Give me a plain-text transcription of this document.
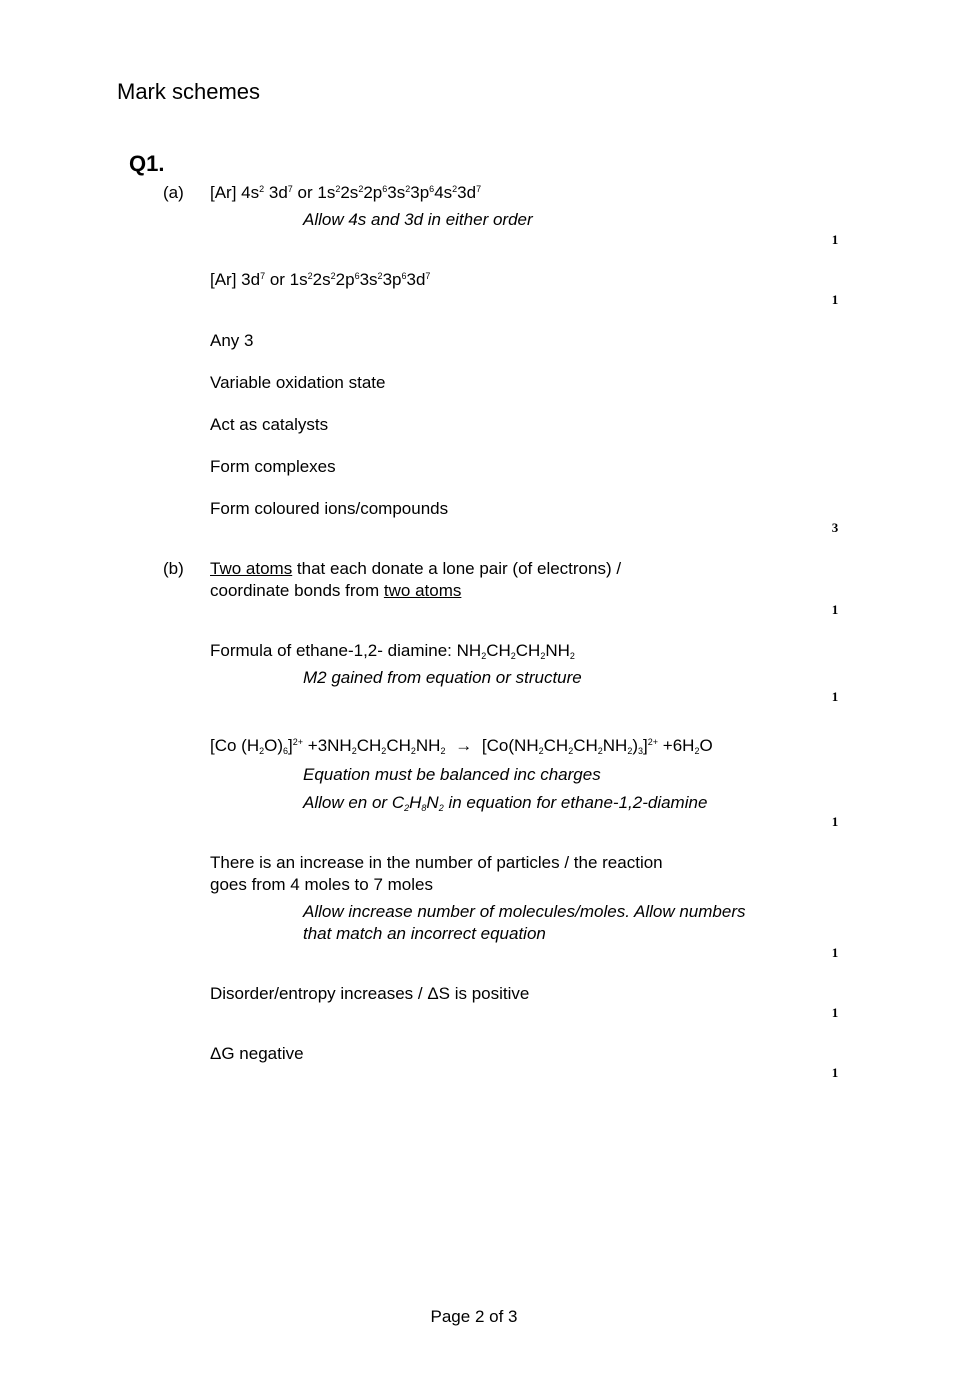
Mark schemes
Q1.
(a) [Ar] $4s^2$ $3d^7$ or $1s^22s^22p^63s^23p^64s^23d^7$
Allow 4s and 3d in either order
1
[Ar] $3d^7$ or $1s^22s^22p^63s^23p^63d^7$
1
Any 3
Variable oxidation state
Act as catalysts
Form complexes
Form coloured ions/compounds
3
(b) Two atoms that each donate a lone pair (of electrons) /
coordinate bonds from two atoms
1
Formula of ethane-1,2- diamine: $NH_2CH_2CH_2NH_2$
M2 gained from equation or structure
1
[Co $(H_2O)_6]^{2+} +3NH_2CH_2CH_2NH_2 \to [Co(NH_2CH_2CH_2NH_2)_3]^{2+} +6H_2O$
Equation must be balanced inc charges
Allow en or $C_2H_8N_2$ in equation for ethane-1,2-diamine
1
There is an increase in the number of particles / the reaction
goes from 4 moles to 7 moles
Allow increase number of molecules/moles. Allow numbers
that match an incorrect equation
1
Disorder/entropy increases / ΔS is positive
1
ΔG negative
1
Page 2 of 3
